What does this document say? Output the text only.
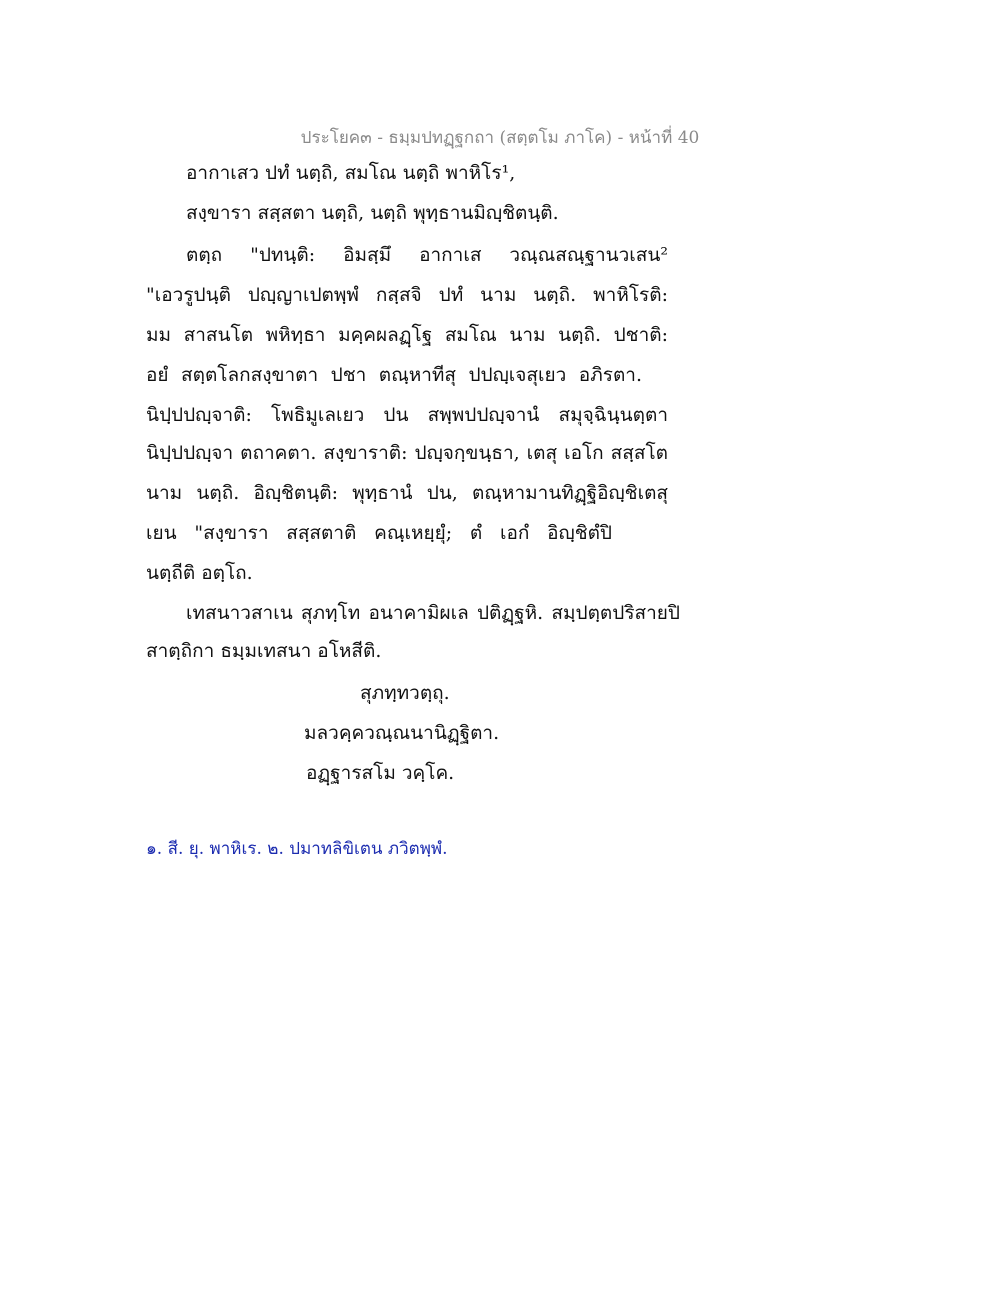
ประโยค๓ - ธมฺมปทฏฺฐกถา (สตฺตโม ภาโค) - หน้าที่ 40
อากาเสว ปทํ นตฺถิ, สมโณ นตฺถิ พาหิโร¹,
สงฺขารา สสฺสตา นตฺถิ, นตฺถิ พุทฺธานมิญฺชิตนฺติ.
ตตฺถ "ปทนฺติ: อิมสฺมึ อากาเส วณฺณสณฺฐานวเสน²
"เอวรูปนฺติ ปญฺญาเปตพฺพํ กสฺสจิ ปทํ นาม นตฺถิ. พาหิโรติ:
มม สาสนโต พหิทฺธา มคฺคผลฏฺโฐ สมโณ นาม นตฺถิ. ปชาติ:
อยํ สตฺตโลกสงฺขาตา ปชา ตณฺหาทีสุ ปปญฺเจสุเยว อภิรตา.
นิปฺปปญฺจาติ: โพธิมูเลเยว ปน สพฺพปปญฺจานํ สมุจฺฉินฺนตฺตา
นิปฺปปญฺจา ตถาคตา. สงฺขาราติ: ปญฺจกฺขนฺธา, เตสุ เอโก สสฺสโต
นาม นตฺถิ. อิญฺชิตนฺติ: พุทฺธานํ ปน, ตณฺหามานทิฏฺฐิอิญฺชิเตสุ
เยน "สงฺขารา สสฺสตาติ คณฺเหยฺยุํ; ตํ เอกํ อิญฺชิตํปิ
นตฺถีติ อตฺโถ.
เทสนาวสาเน สุภทฺโท อนาคามิผเล ปติฏฺฐหิ. สมฺปตฺตปริสายปิ
สาตฺถิกา ธมฺมเทสนา อโหสีติ.
สุภทฺทวตฺถุ.
มลวคฺควณฺณนานิฏฺฐิตา.
อฏฺฐารสโม วคฺโค.
๑. สี. ยุ. พาหิเร. ๒. ปมาทลิขิเตน ภวิตพฺพํ.
